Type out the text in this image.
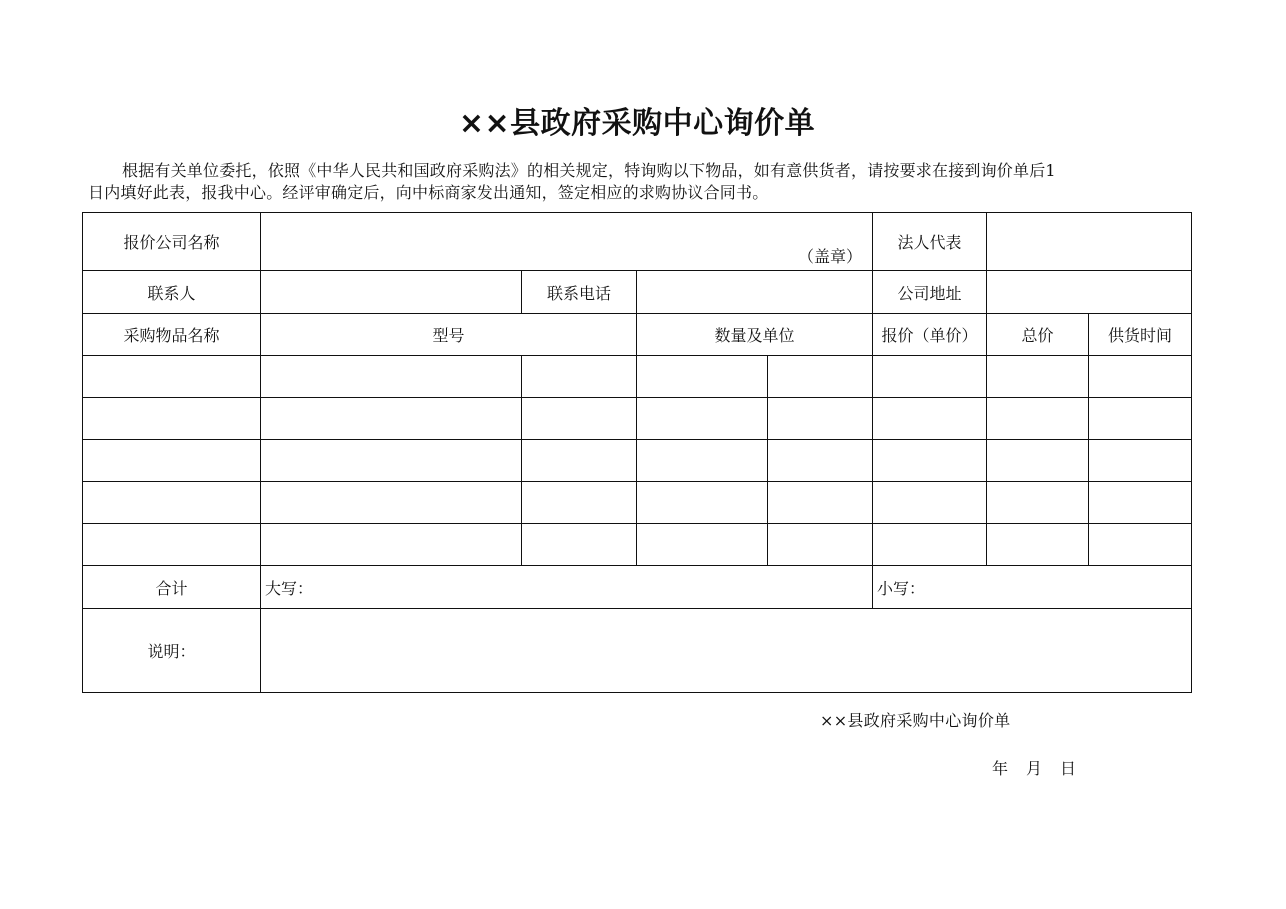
××县政府采购中心询价单
根据有关单位委托，依照《中华人民共和国政府采购法》的相关规定，特询购以下物品，如有意供货者，请按要求在接到询价单后1
日内填好此表，报我中心。经评审确定后，向中标商家发出通知，签定相应的求购协议合同书。
报价公司名称	（盖章）				法人代表		
联系人		联系电话			公司地址		
采购物品名称	型号		数量及单位		报价（单价）	总价	供货时间

合计	大写：				小写：		
说明：							
××县政府采购中心询价单
年 月 日
